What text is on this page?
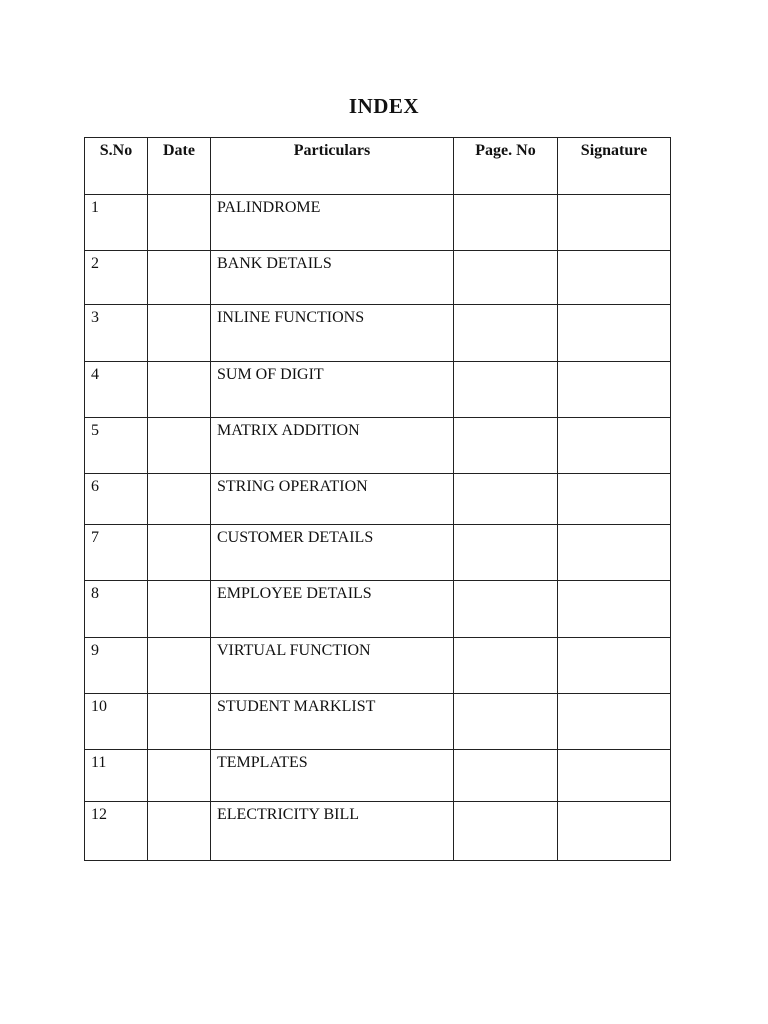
INDEX
S.No	Date	Particulars	Page. No	Signature
1		PALINDROME		
2		BANK DETAILS		
3		INLINE FUNCTIONS		
4		SUM OF DIGIT		
5		MATRIX ADDITION		
6		STRING OPERATION		
7		CUSTOMER DETAILS		
8		EMPLOYEE DETAILS		
9		VIRTUAL FUNCTION		
10		STUDENT MARKLIST		
11		TEMPLATES		
12		ELECTRICITY BILL		
